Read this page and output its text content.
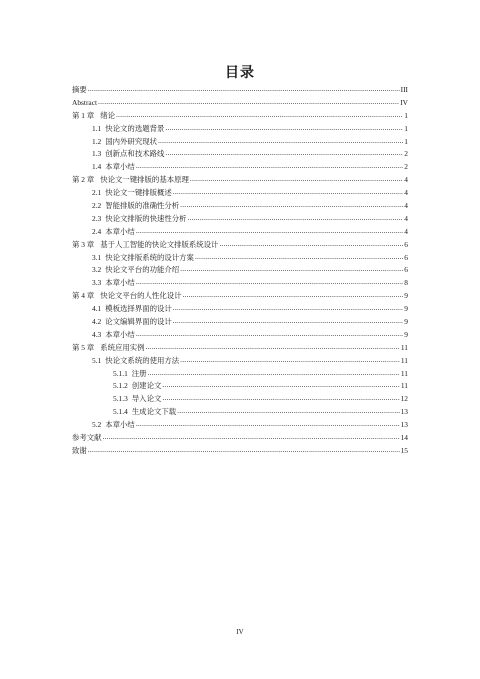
目录
摘要 .....	III
Abstract .....	IV
第 1 章 绪论 .....	1
1.1 快论文的选题背景 .....	1
1.2 国内外研究现状 .....	1
1.3 创新点和技术路线 .....	2
1.4 本章小结 .....	2
第 2 章 快论文一键排版的基本原理 .....	4
2.1 快论文一键排版概述 .....	4
2.2 智能排版的准确性分析 .....	4
2.3 快论文排版的快速性分析 .....	4
2.4 本章小结 .....	4
第 3 章 基于人工智能的快论文排版系统设计 .....	6
3.1 快论文排版系统的设计方案 .....	6
3.2 快论文平台的功能介绍 .....	6
3.3 本章小结 .....	8
第 4 章 快论文平台的人性化设计 .....	9
4.1 模板选择界面的设计 .....	9
4.2 论文编辑界面的设计 .....	9
4.3 本章小结 .....	9
第 5 章 系统应用实例 .....	11
5.1 快论文系统的使用方法 .....	11
5.1.1 注册 .....	11
5.1.2 创建论文 .....	11
5.1.3 导入论文 .....	12
5.1.4 生成论文下载 .....	13
5.2 本章小结 .....	13
参考文献 .....	14
致谢 .....	15
IV
